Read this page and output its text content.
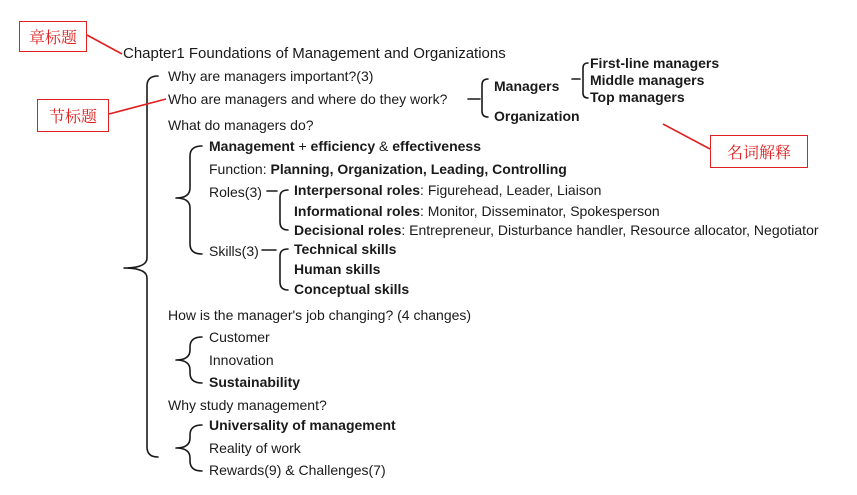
章标题
节标题
名词解释
Chapter1 Foundations of Management and Organizations
Why are managers important?(3)
Who are managers and where do they work?
What do managers do?
How is the manager's job changing? (4 changes)
Why study management?
Managers
Organization
First-line managers
Middle managers
Top managers
Management + efficiency & effectiveness
Function: Planning, Organization, Leading, Controlling
Roles(3) Interpersonal roles: Figurehead, Leader, Liaison
Informational roles: Monitor, Disseminator, Spokesperson
Decisional roles: Entrepreneur, Disturbance handler, Resource allocator, Negotiator
Skills(3)	Technical skills
Human skills
Conceptual skills
Customer
Innovation
Sustainability
Universality of management
Reality of work
Rewards(9) & Challenges(7)
